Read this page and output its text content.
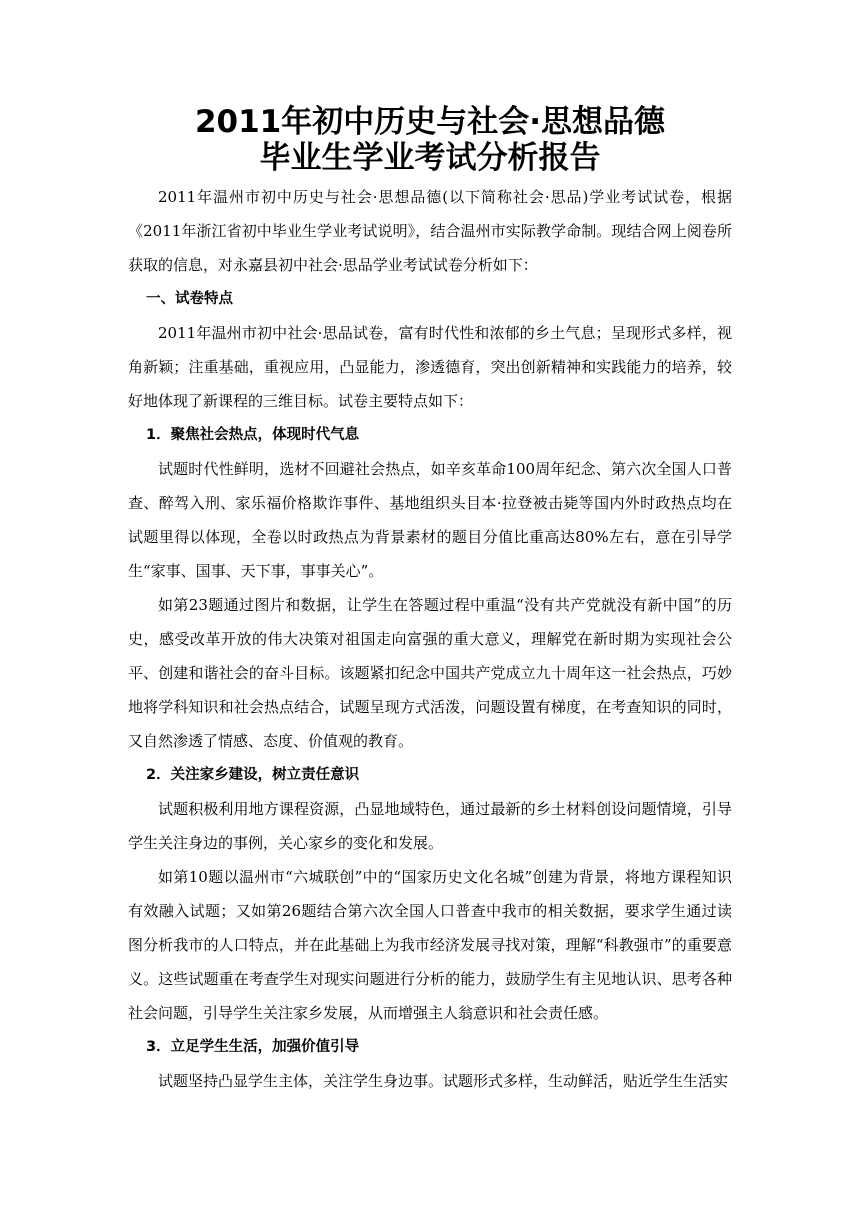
2011年初中历史与社会·思想品德
毕业生学业考试分析报告

2011年温州市初中历史与社会·思想品德(以下简称社会·思品)学业考试试卷，根据《2011年浙江省初中毕业生学业考试说明》，结合温州市实际教学命制。现结合网上阅卷所获取的信息，对永嘉县初中社会·思品学业考试试卷分析如下：

一、试卷特点

2011年温州市初中社会·思品试卷，富有时代性和浓郁的乡土气息；呈现形式多样，视角新颖；注重基础，重视应用，凸显能力，渗透德育，突出创新精神和实践能力的培养，较好地体现了新课程的三维目标。试卷主要特点如下：

1．聚焦社会热点，体现时代气息

试题时代性鲜明，选材不回避社会热点，如辛亥革命100周年纪念、第六次全国人口普查、醉驾入刑、家乐福价格欺诈事件、基地组织头目本·拉登被击毙等国内外时政热点均在试题里得以体现，全卷以时政热点为背景素材的题目分值比重高达80%左右，意在引导学生“家事、国事、天下事，事事关心”。

如第23题通过图片和数据，让学生在答题过程中重温“没有共产党就没有新中国”的历史，感受改革开放的伟大决策对祖国走向富强的重大意义，理解党在新时期为实现社会公平、创建和谐社会的奋斗目标。该题紧扣纪念中国共产党成立九十周年这一社会热点，巧妙地将学科知识和社会热点结合，试题呈现方式活泼，问题设置有梯度，在考查知识的同时，又自然渗透了情感、态度、价值观的教育。

2．关注家乡建设，树立责任意识

试题积极利用地方课程资源，凸显地域特色，通过最新的乡土材料创设问题情境，引导学生关注身边的事例，关心家乡的变化和发展。

如第10题以温州市“六城联创”中的“国家历史文化名城”创建为背景，将地方课程知识有效融入试题；又如第26题结合第六次全国人口普查中我市的相关数据，要求学生通过读图分析我市的人口特点，并在此基础上为我市经济发展寻找对策，理解“科教强市”的重要意义。这些试题重在考查学生对现实问题进行分析的能力，鼓励学生有主见地认识、思考各种社会问题，引导学生关注家乡发展，从而增强主人翁意识和社会责任感。

3．立足学生生活，加强价值引导

试题坚持凸显学生主体，关注学生身边事。试题形式多样，生动鲜活，贴近学生生活实
